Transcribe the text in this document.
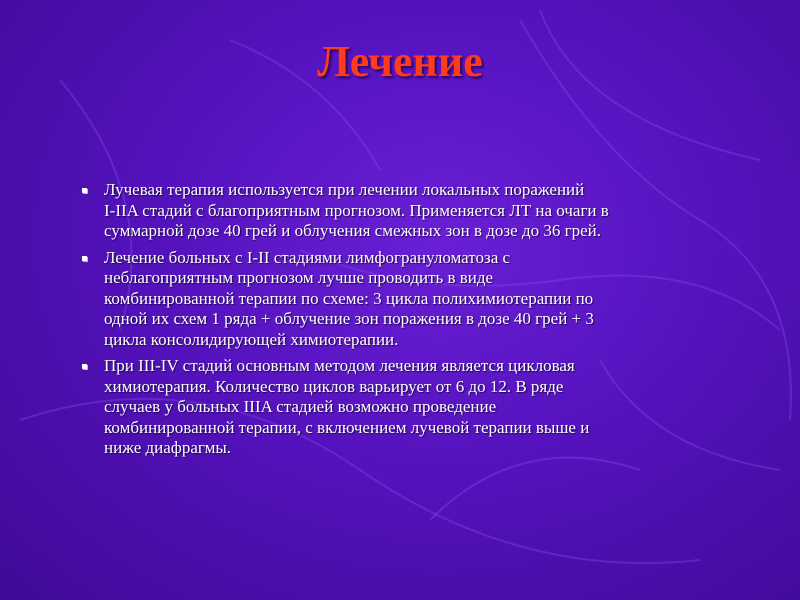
Лечение
Лучевая терапия используется при лечении локальных поражений
I-IIA стадий с благоприятным прогнозом. Применяется ЛТ на очаги в
суммарной дозе 40 грей и облучения смежных зон в дозе до 36 грей.
Лечение больных с I-II стадиями лимфогрануломатоза с
неблагоприятным прогнозом лучше проводить в виде
комбинированной терапии по схеме: 3 цикла полихимиотерапии по
одной их схем 1 ряда + облучение зон поражения в дозе 40 грей + 3
цикла консолидирующей химиотерапии.
При III-IV стадий основным методом лечения является цикловая
химиотерапия. Количество циклов варьирует от 6 до 12. В ряде
случаев у больных IIIA стадией возможно проведение
комбинированной терапии, с включением лучевой терапии выше и
ниже диафрагмы.
